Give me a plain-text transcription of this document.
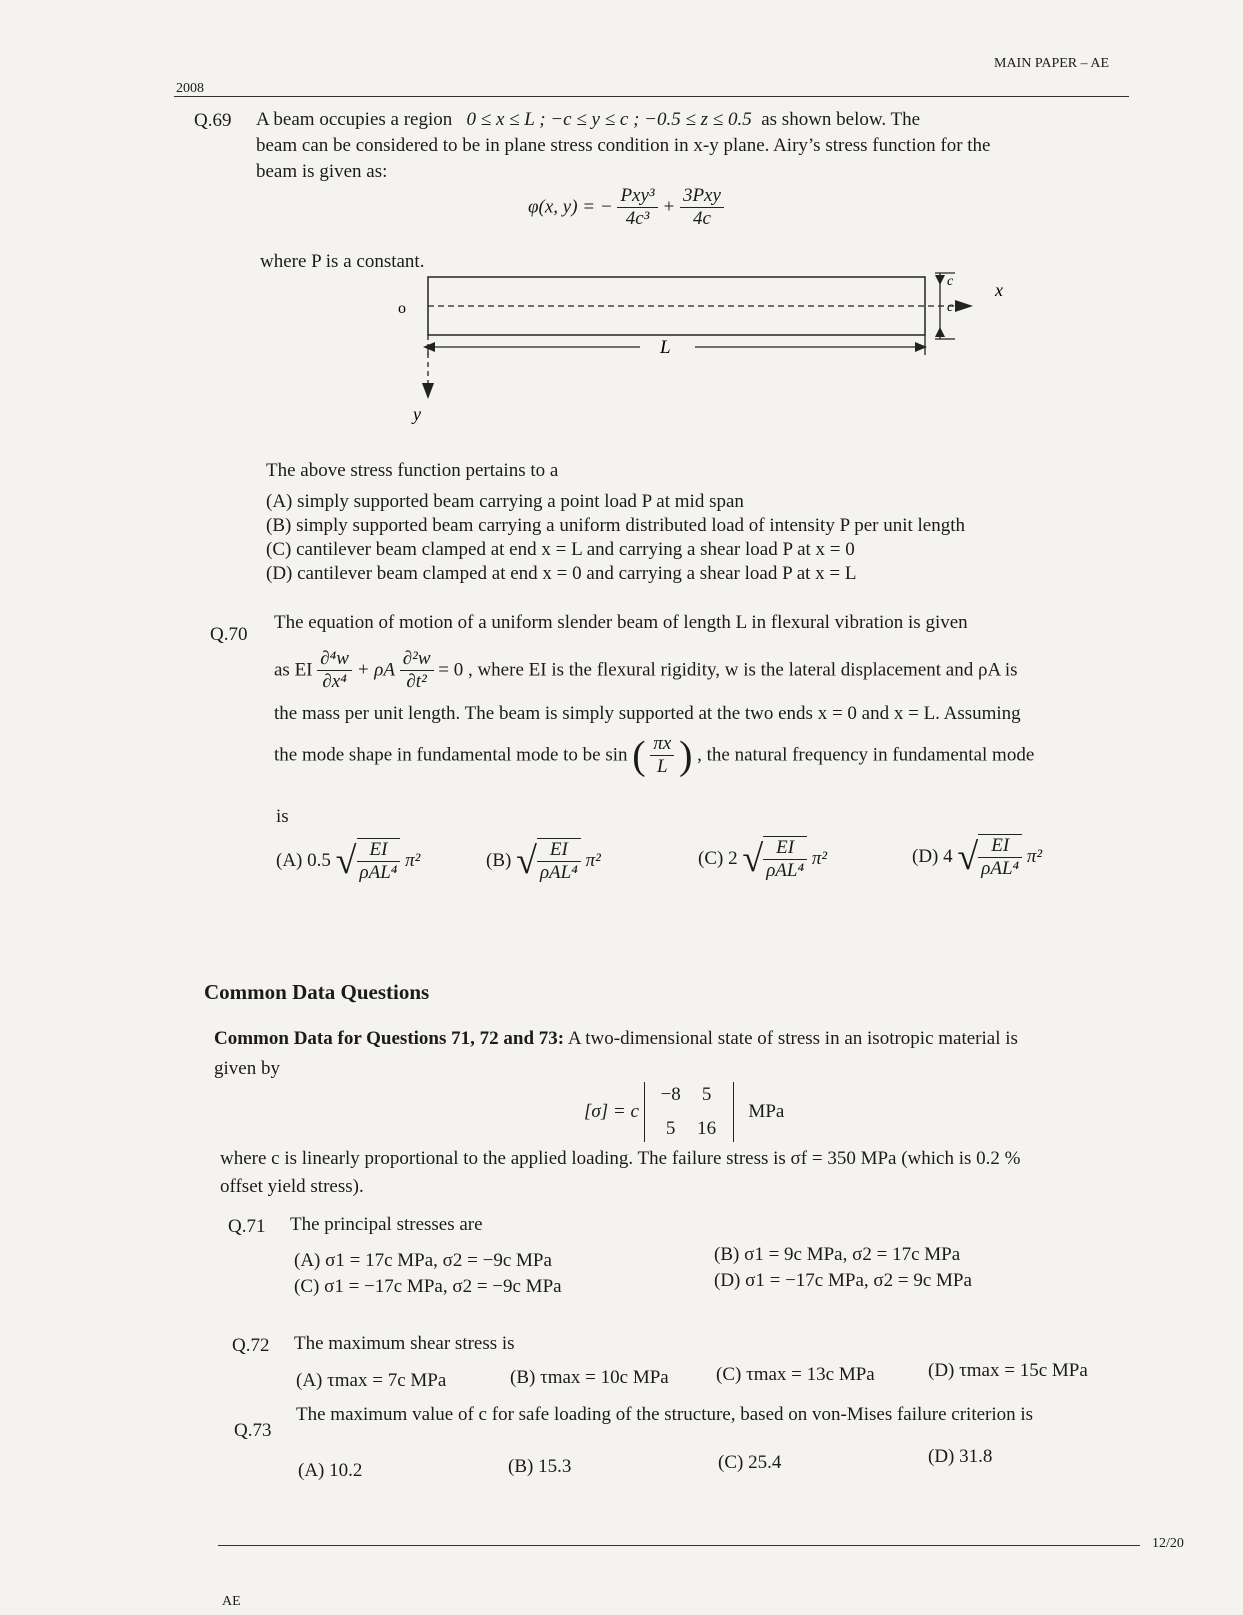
2008
MAIN PAPER – AE
Q.69 A beam occupies a region 0 ≤ x ≤ L ; −c ≤ y ≤ c ; −0.5 ≤ z ≤ 0.5 as shown below. The
beam can be considered to be in plane stress condition in x-y plane. Airy’s stress function for the
beam is given as:
φ(x, y) = − $\frac{\text{Pxy³}}{\text{4c³}} + \frac{\text{3Pxy}}{4c}$
where P is a constant.
o
x
y
L
c
c
The above stress function pertains to a
(A) simply supported beam carrying a point load P at mid span
(B) simply supported beam carrying a uniform distributed load of intensity P per unit length
(C) cantilever beam clamped at end x = L and carrying a shear load P at x = 0
(D) cantilever beam clamped at end x = 0 and carrying a shear load P at x = L
Q.70
The equation of motion of a uniform slender beam of length L in flexural vibration is given
as EI $\frac{\text{∂⁴w}}{\text{∂x⁴}} + \rho A \frac{\text{∂²w}}{\text{∂t²}} = 0$ , where EI is the flexural rigidity, w is the lateral displacement and ρA is
the mass per unit length. The beam is simply supported at the two ends x = 0 and x = L. Assuming
the mode shape in fundamental mode to be sin ( $\frac{\pi x}{L}$ ) , the natural frequency in fundamental mode
is
(A) 0.5 √ $\frac{EI}{\text{ρAL⁴}} \pi^2$	(B) √ $\frac{EI}{\text{ρAL⁴}} \pi^2$	(C) 2 √ $\frac{EI}{\text{ρAL⁴}} \pi^2$	(D) 4 √ $\frac{EI}{\text{ρAL⁴}} \pi^2$
Common Data Questions
Common Data for Questions 71, 72 and 73: A two-dimensional state of stress in an isotropic material is
given by
[σ] = c
−8 5
5 16
MPa
where c is linearly proportional to the applied loading. The failure stress is σf = 350 MPa (which is 0.2 %
offset yield stress).
Q.71 The principal stresses are
(A) σ1 = 17c MPa, σ2 = −9c MPa	(B) σ1 = 9c MPa, σ2 = 17c MPa
(C) σ1 = −17c MPa, σ2 = −9c MPa	(D) σ1 = −17c MPa, σ2 = 9c MPa
Q.72 The maximum shear stress is
(A) τmax = 7c MPa	(B) τmax = 10c MPa (C) τmax = 13c MPa	(D) τmax = 15c MPa
Q.73
The maximum value of c for safe loading of the structure, based on von-Mises failure criterion is
(A) 10.2	(B) 15.3	(C) 25.4	(D) 31.8
12/20
AE
